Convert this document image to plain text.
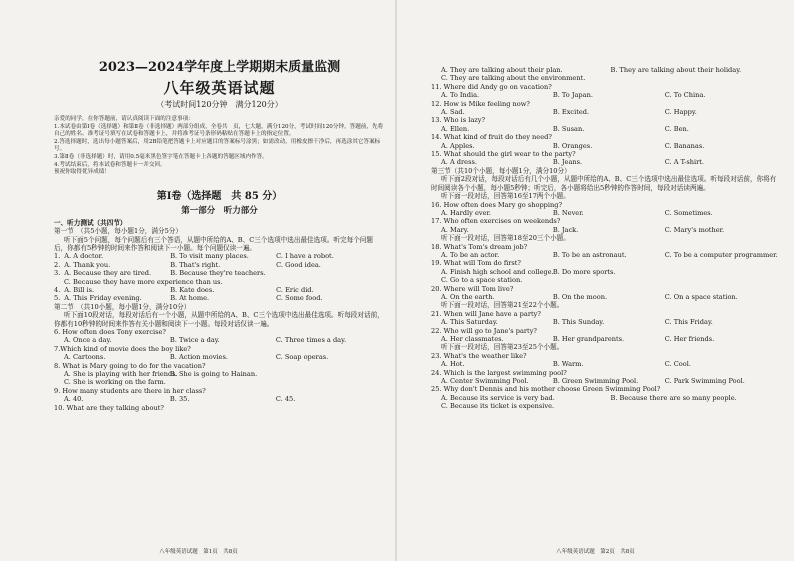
2023—2024学年度上学期期末质量监测
八年级英语试题
（考试时间120分钟　满分120分）
亲爱的同学，在你答题前，请认真阅读下面的注意事项：
1.本试卷由第Ⅰ卷（选择题）和第Ⅱ卷（非选择题）两部分组成，全卷共　页，七大题，满分120分，考试时间120分钟。答题前，先将自己的姓名、准考证号填写在试卷和答题卡上，并将准考证号条形码粘贴在答题卡上的指定位置。
2.答选择题时，选出每小题答案后，用2B铅笔把答题卡上对应题目的答案标号涂黑；如需改动，用橡皮擦干净后，再选涂其它答案标号。
3.第Ⅱ卷（非选择题）时，请用0.5毫米黑色签字笔在答题卡上各题的答题区域内作答。
4.考试结束后，将本试卷和答题卡一并交回。
预祝你取得优异成绩！
第Ⅰ卷（选择题　共 85 分）
第一部分　听力部分
一、听力测试（共四节）
第一节　（共5小题，每小题1分，满分5分）
听下面5个问题，每个问题后有三个答语，从题中所给的A、B、C三个选项中选出最佳选项。听完每个问题后，你都有5秒钟的时间来作答和阅读下一小题。每个问题仅读一遍。
1. A. A doctor.	B. To visit many places.	C. I have a robot.
2. A. Thank you.	B. That's right.	C. Good idea.
3. A. Because they are tired.	B. Because they're teachers.
C. Because they have more experience than us.
4. A. Bill is.	B. Kate does.	C. Eric did.
5. A. This Friday evening.	B. At home.	C. Some food.
第二节　（共10小题，每小题1分，满分10分）
听下面10段对话，每段对话后有一个小题，从题中所给的A、B、C三个选项中选出最佳选项。听每段对话前，你都有10秒钟的时间来作答有关小题和阅读下一小题。每段对话仅读一遍。
6. How often does Tony exercise?
A. Once a day.	B. Twice a day.	C. Three times a day.
7.Which kind of movie does the boy like?
A. Cartoons.	B. Action movies.	C. Soap operas.
8. What is Mary going to do for the vacation?
A. She is playing with her friends.
B. She is going to Hainan.
C. She is working on the farm.
9. How many students are there in her class?
A. 40.	B. 35.	C. 45.
10. What are they talking about?
八年级英语试题　第1页　共8页
A. They are talking about their plan.	B. They are talking about their holiday.
C. They are talking about the environment.
11. Where did Andy go on vacation?
A. To India.	B. To Japan.	C. To China.
12. How is Mike feeling now?
A. Sad.	B. Excited.	C. Happy.
13. Who is lazy?
A. Ellen.	B. Susan.	C. Ben.
14. What kind of fruit do they need?
A. Apples.	B. Oranges.	C. Bananas.
15. What should the girl wear to the party?
A. A dress.	B. Jeans.	C. A T-shirt.
第三节（共10个小题，每小题1分，满分10分）
听下面2段对话，每段对话后有几个小题，从题中所给的A、B、C三个选项中选出最佳选项。听每段对话前，你将有时间阅读各个小题，每小题5秒钟；听完后，各小题将给出5秒钟的作答时间，每段对话读两遍。
听下面一段对话，回答第16至17两个小题。
16. How often does Mary go shopping?
A. Hardly ever.	B. Never.	C. Sometimes.
17. Who often exercises on weekends?
A. Mary.	B. Jack.	C. Mary's mother.
听下面一段对话，回答第18至20三个小题。
18. What's Tom's dream job?
A. To be an actor.	B. To be an astronaut.	C. To be a computer programmer.
19. What will Tom do first?
A. Finish high school and college. B. Do more sports.
C. Go to a space station.
20. Where will Tom live?
A. On the earth.	B. On the moon.	C. On a space station.
听下面一段对话，回答第21至22个小题。
21. When will Jane have a party?
A. This Saturday.	B. This Sunday.	C. This Friday.
22. Who will go to Jane's party?
A. Her classmates.	B. Her grandparents.	C. Her friends.
听下面一段对话，回答第23至25个小题。
23. What's the weather like?
A. Hot.	B. Warm.	C. Cool.
24. Which is the largest swimming pool?
A. Center Swimming Pool.	B. Green Swimming Pool.	C. Park Swimming Pool.
25. Why don't Dennis and his mother choose Green Swimming Pool?
A. Because its service is very bad.	B. Because there are so many people.
C. Because its ticket is expensive.
八年级英语试题　第2页　共8页
